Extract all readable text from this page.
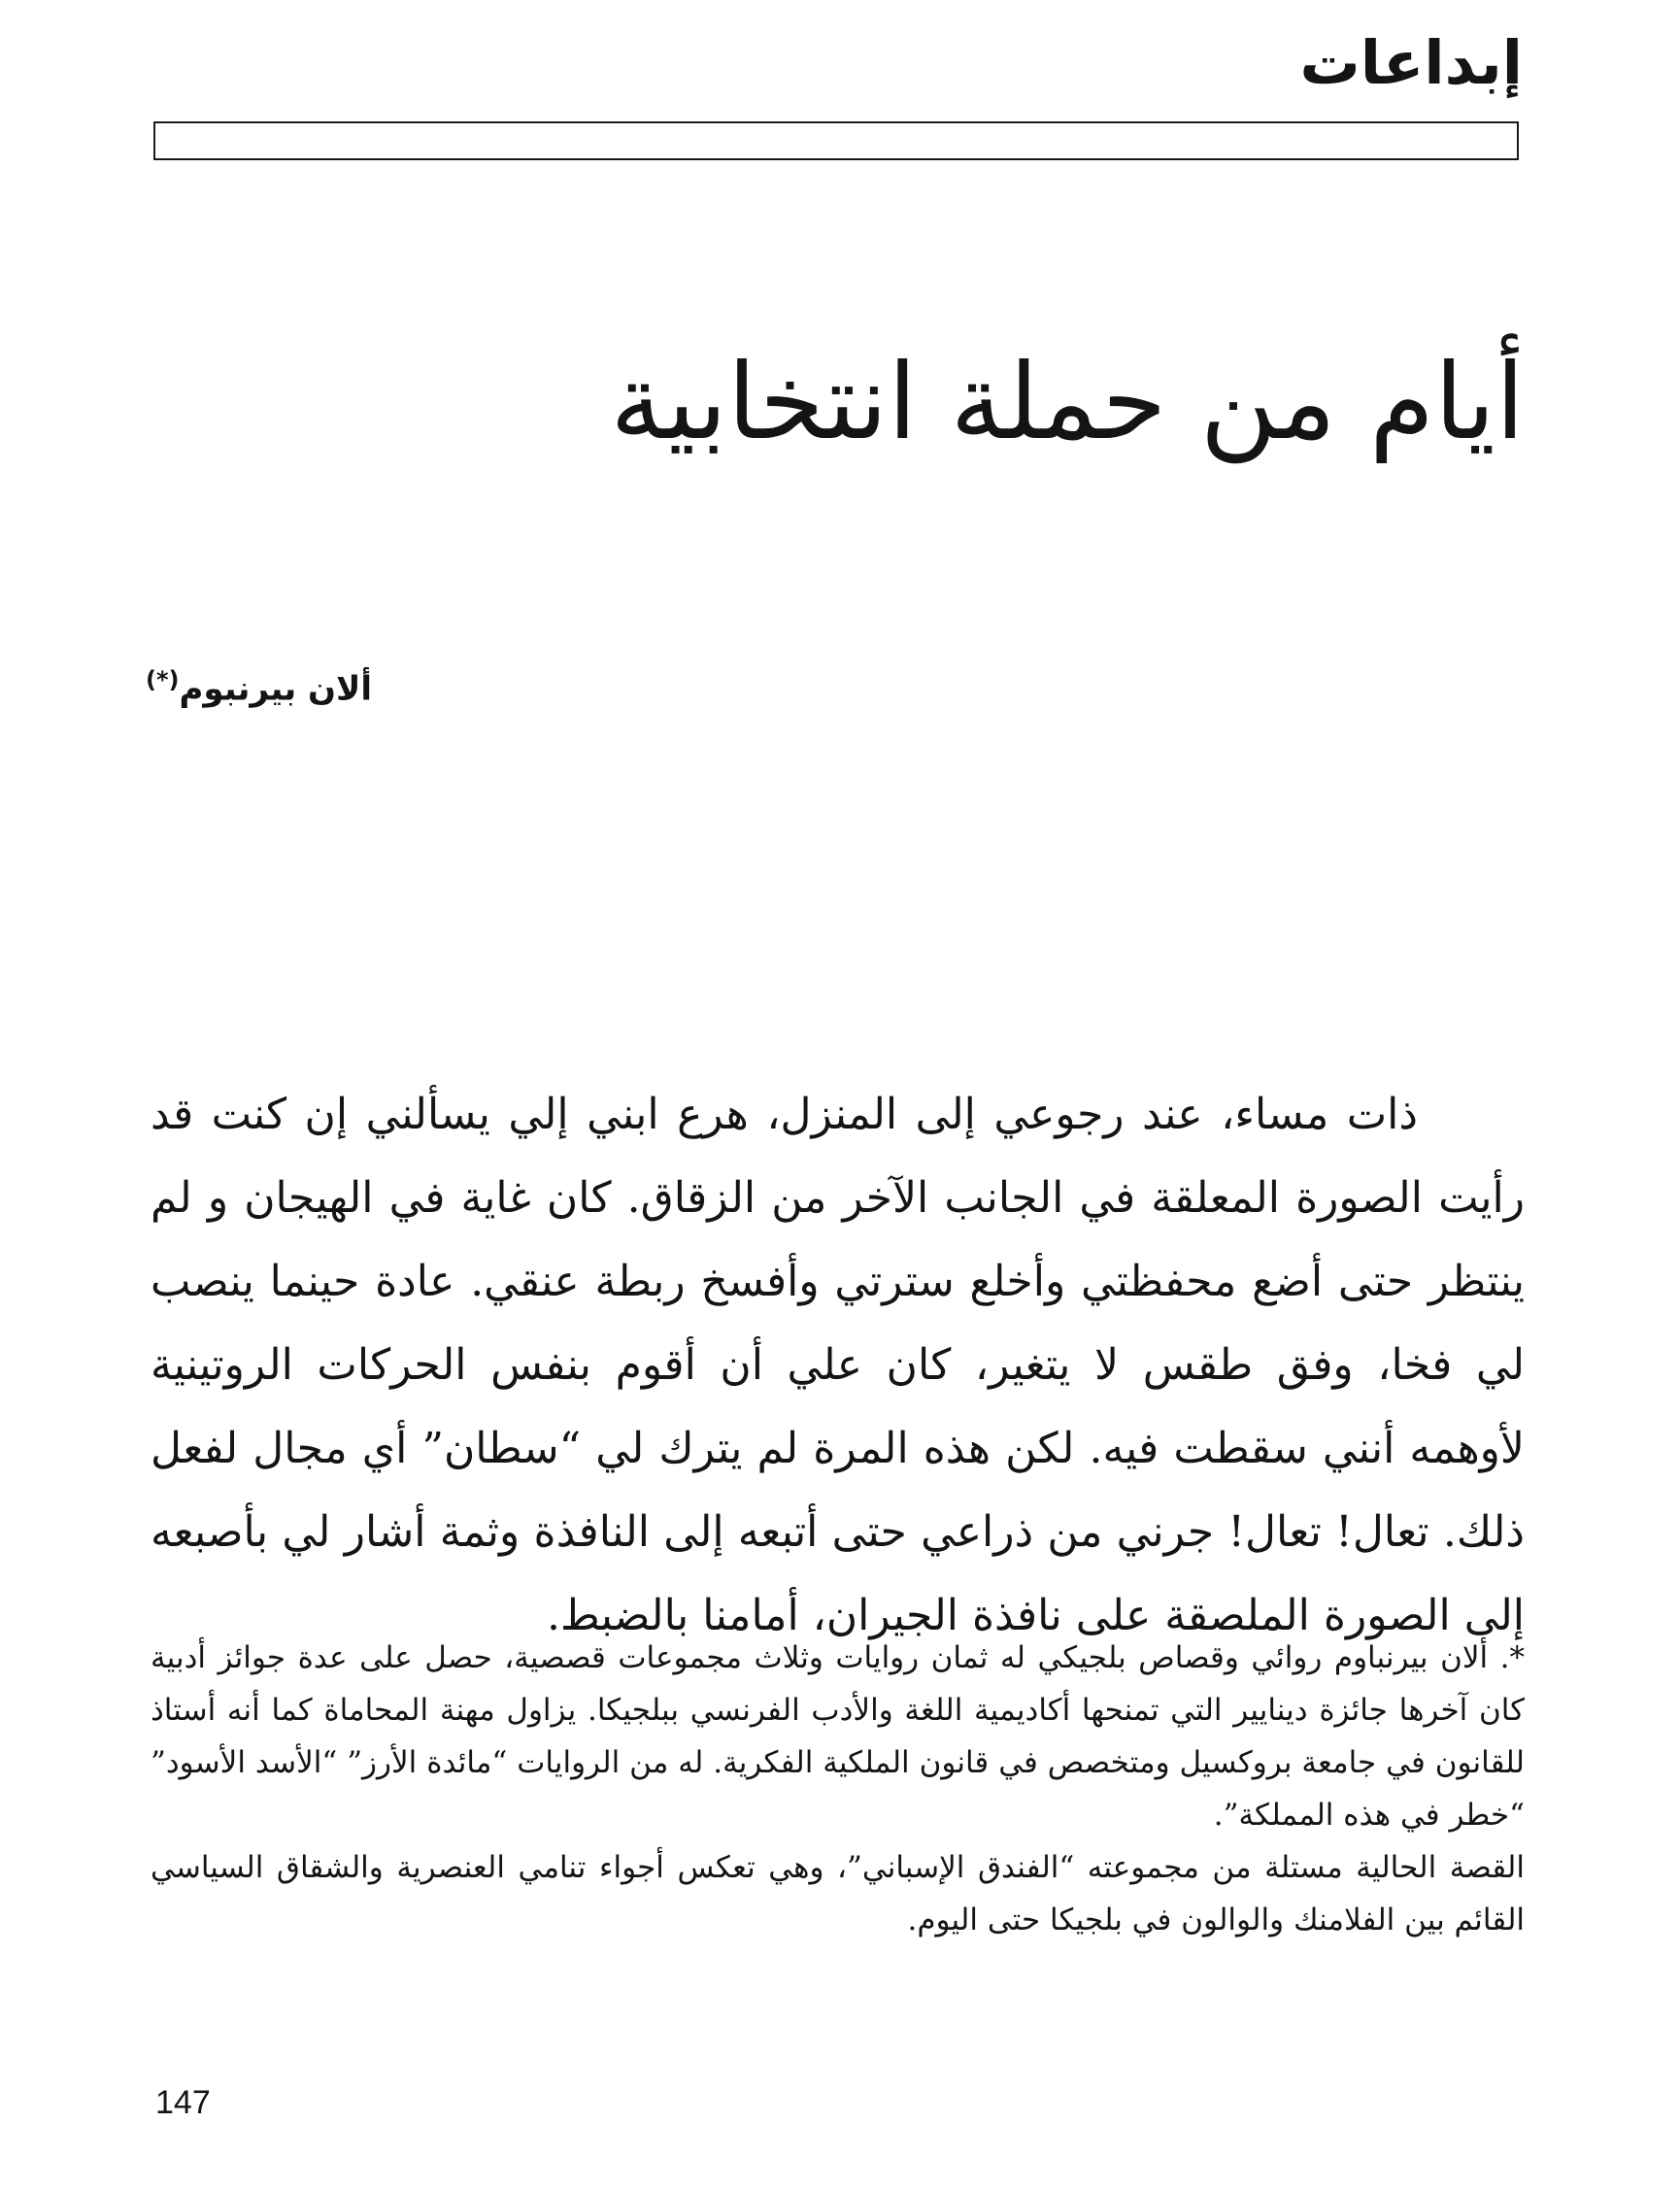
إبداعات
أيام من حملة انتخابية
ألان بيرنبوم(*)

ذات مساء، عند رجوعي إلى المنزل، هرع ابني إلي يسألني إن كنت قد رأيت الصورة المعلقة في الجانب الآخر من الزقاق. كان غاية في الهيجان و لم ينتظر حتى أضع محفظتي وأخلع سترتي وأفسخ ربطة عنقي. عادة حينما ينصب لي فخا، وفق طقس لا يتغير، كان علي أن أقوم بنفس الحركات الروتينية لأوهمه أنني سقطت فيه. لكن هذه المرة لم يترك لي “سطان” أي مجال لفعل ذلك. تعال! تعال! جرني من ذراعي حتى أتبعه إلى النافذة وثمة أشار لي بأصبعه إلى الصورة الملصقة على نافذة الجيران، أمامنا بالضبط.

*. ألان بيرنباوم روائي وقصاص بلجيكي له ثمان روايات وثلاث مجموعات قصصية، حصل على عدة جوائز أدبية كان آخرها جائزة دينايير التي تمنحها أكاديمية اللغة والأدب الفرنسي ببلجيكا. يزاول مهنة المحاماة كما أنه أستاذ للقانون في جامعة بروكسيل ومتخصص في قانون الملكية الفكرية. له من الروايات “مائدة الأرز” “الأسد الأسود” “خطر في هذه المملكة”.

القصة الحالية مستلة من مجموعته “الفندق الإسباني”، وهي تعكس أجواء تنامي العنصرية والشقاق السياسي القائم بين الفلامنك والوالون في بلجيكا حتى اليوم.

147
